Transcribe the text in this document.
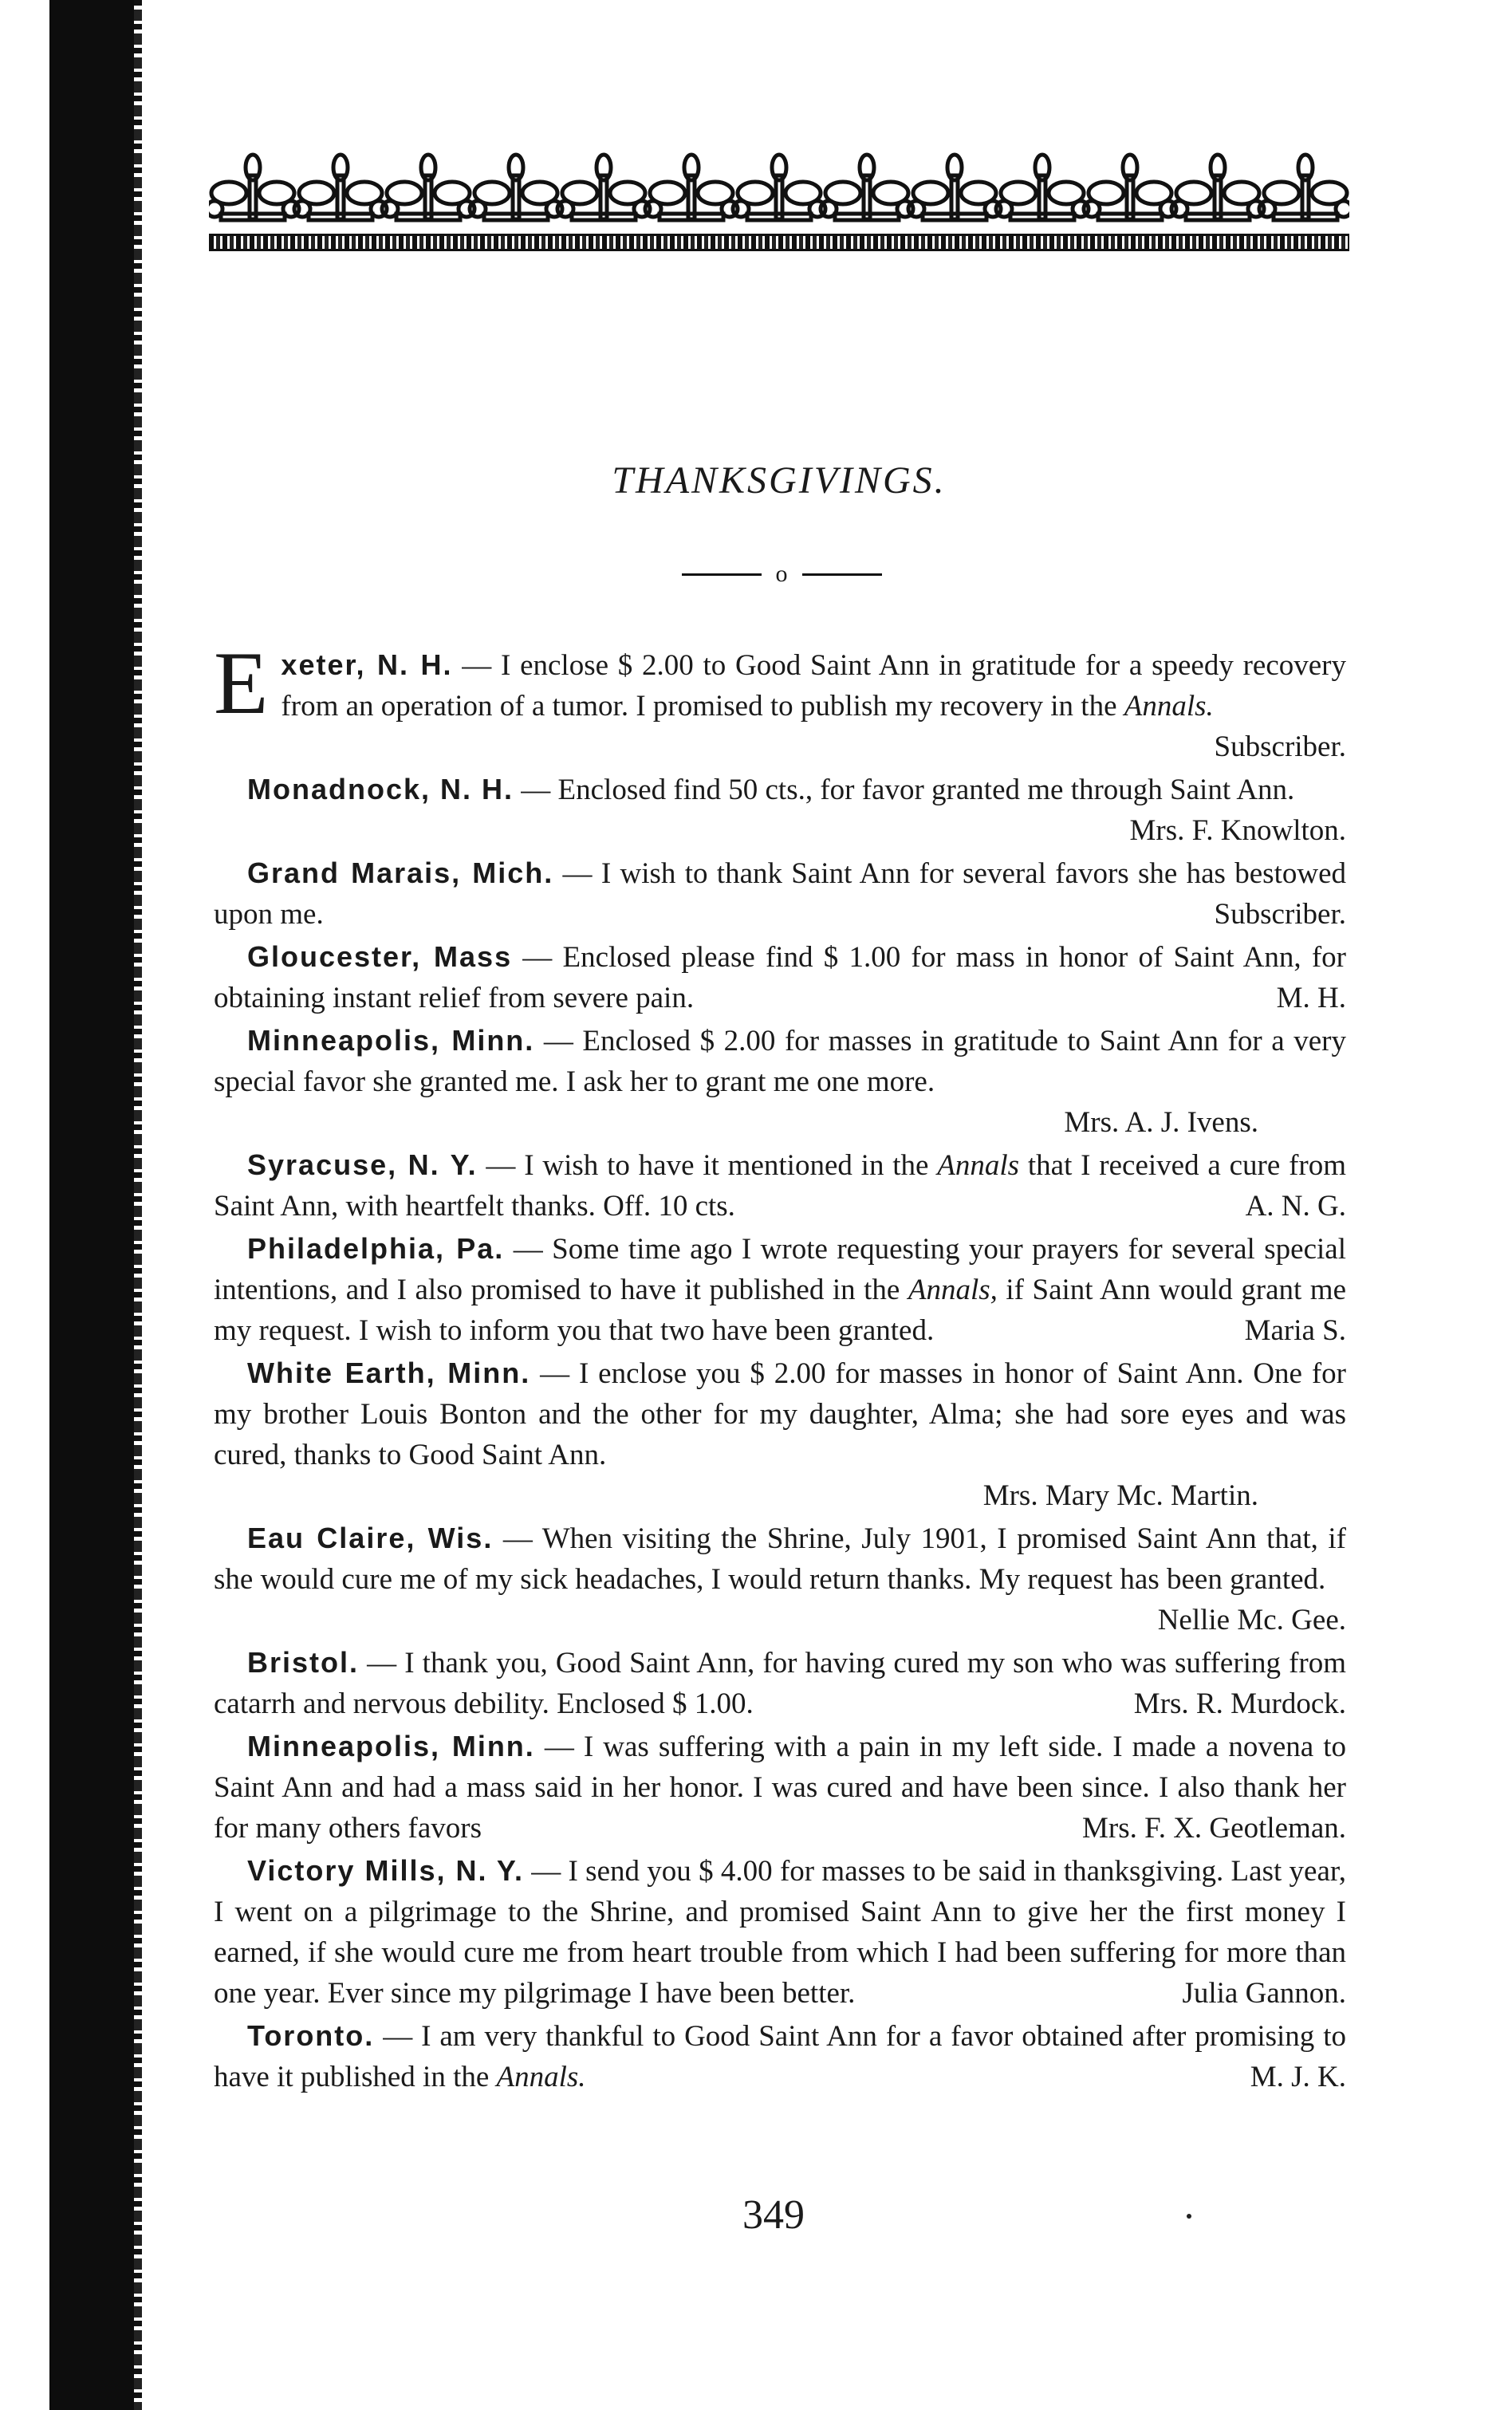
THANKSGIVINGS.
o

Exeter, N. H. — I enclose $ 2.00 to Good Saint Ann in gratitude for a speedy recovery from an operation of a tumor. I promised to publish my recovery in the Annals.
Subscriber.

Monadnock, N. H. — Enclosed find 50 cts., for favor granted me through Saint Ann.
Mrs. F. Knowlton.

Grand Marais, Mich. — I wish to thank Saint Ann for several favors she has bestowed upon me.	Subscriber.

Gloucester, Mass — Enclosed please find $ 1.00 for mass in honor of Saint Ann, for obtaining instant relief from severe pain.	M. H.

Minneapolis, Minn. — Enclosed $ 2.00 for masses in gratitude to Saint Ann for a very special favor she granted me. I ask her to grant me one more.
Mrs. A. J. Ivens.

Syracuse, N. Y. — I wish to have it mentioned in the Annals that I received a cure from Saint Ann, with heartfelt thanks. Off. 10 cts.	A. N. G.

Philadelphia, Pa. — Some time ago I wrote requesting your prayers for several special intentions, and I also promised to have it published in the Annals, if Saint Ann would grant me my request. I wish to inform you that two have been granted.	Maria S.

White Earth, Minn. — I enclose you $ 2.00 for masses in honor of Saint Ann. One for my brother Louis Bonton and the other for my daughter, Alma; she had sore eyes and was cured, thanks to Good Saint Ann.
Mrs. Mary Mc. Martin.

Eau Claire, Wis. — When visiting the Shrine, July 1901, I promised Saint Ann that, if she would cure me of my sick headaches, I would return thanks. My request has been granted.
Nellie Mc. Gee.

Bristol. — I thank you, Good Saint Ann, for having cured my son who was suffering from catarrh and nervous debility. Enclosed $ 1.00.	Mrs. R. Murdock.

Minneapolis, Minn. — I was suffering with a pain in my left side. I made a novena to Saint Ann and had a mass said in her honor. I was cured and have been since. I also thank her for many others favors	Mrs. F. X. Geotleman.

Victory Mills, N. Y. — I send you $ 4.00 for masses to be said in thanksgiving. Last year, I went on a pilgrimage to the Shrine, and promised Saint Ann to give her the first money I earned, if she would cure me from heart trouble from which I had been suffering for more than one year. Ever since my pilgrimage I have been better.	Julia Gannon.

Toronto. — I am very thankful to Good Saint Ann for a favor obtained after promising to have it published in the Annals.	M. J. K.

349
